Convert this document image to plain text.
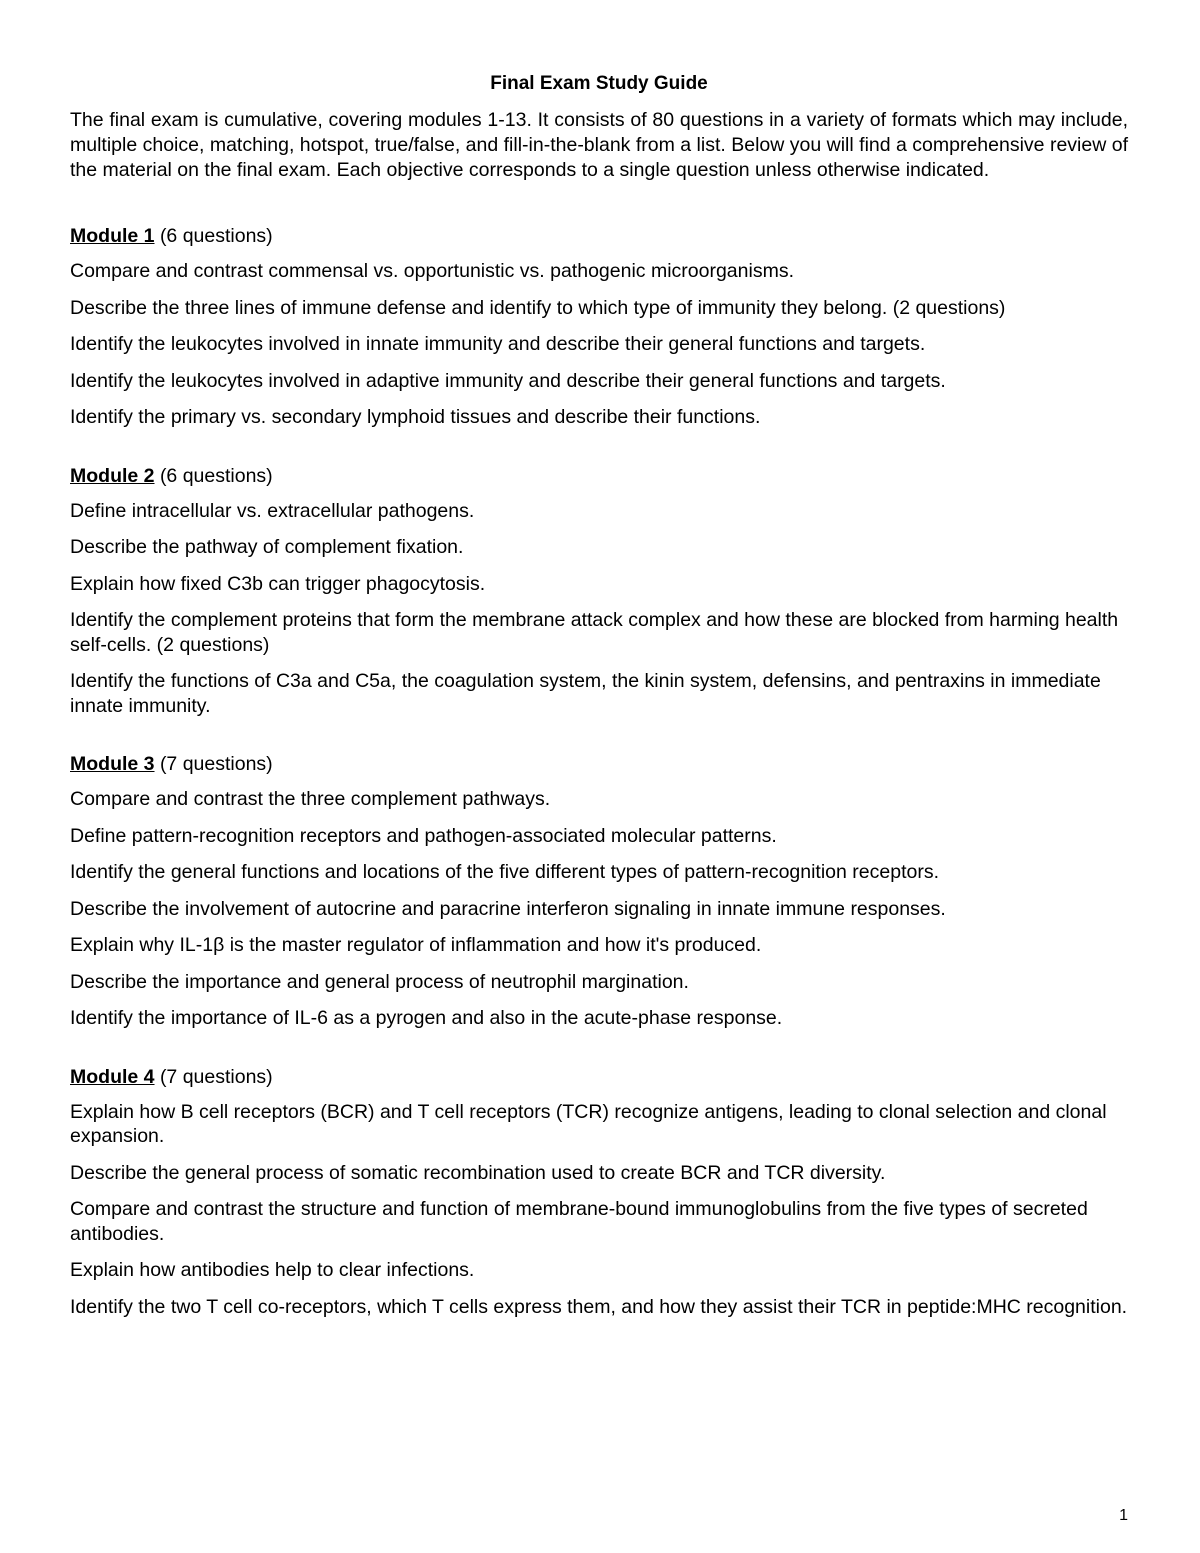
Final Exam Study Guide

The final exam is cumulative, covering modules 1-13. It consists of 80 questions in a variety of formats which may include, multiple choice, matching, hotspot, true/false, and fill-in-the-blank from a list. Below you will find a comprehensive review of the material on the final exam. Each objective corresponds to a single question unless otherwise indicated.

Module 1 (6 questions)
Compare and contrast commensal vs. opportunistic vs. pathogenic microorganisms.
Describe the three lines of immune defense and identify to which type of immunity they belong. (2 questions)
Identify the leukocytes involved in innate immunity and describe their general functions and targets.
Identify the leukocytes involved in adaptive immunity and describe their general functions and targets.
Identify the primary vs. secondary lymphoid tissues and describe their functions.
Module 2 (6 questions)
Define intracellular vs. extracellular pathogens.
Describe the pathway of complement fixation.
Explain how fixed C3b can trigger phagocytosis.
Identify the complement proteins that form the membrane attack complex and how these are blocked from harming health self-cells. (2 questions)
Identify the functions of C3a and C5a, the coagulation system, the kinin system, defensins, and pentraxins in immediate innate immunity.
Module 3 (7 questions)
Compare and contrast the three complement pathways.
Define pattern-recognition receptors and pathogen-associated molecular patterns.
Identify the general functions and locations of the five different types of pattern-recognition receptors.
Describe the involvement of autocrine and paracrine interferon signaling in innate immune responses.
Explain why IL-1β is the master regulator of inflammation and how it's produced.
Describe the importance and general process of neutrophil margination.
Identify the importance of IL-6 as a pyrogen and also in the acute-phase response.
Module 4 (7 questions)
Explain how B cell receptors (BCR) and T cell receptors (TCR) recognize antigens, leading to clonal selection and clonal expansion.
Describe the general process of somatic recombination used to create BCR and TCR diversity.
Compare and contrast the structure and function of membrane-bound immunoglobulins from the five types of secreted antibodies.
Explain how antibodies help to clear infections.
Identify the two T cell co-receptors, which T cells express them, and how they assist their TCR in peptide:MHC recognition.
1
